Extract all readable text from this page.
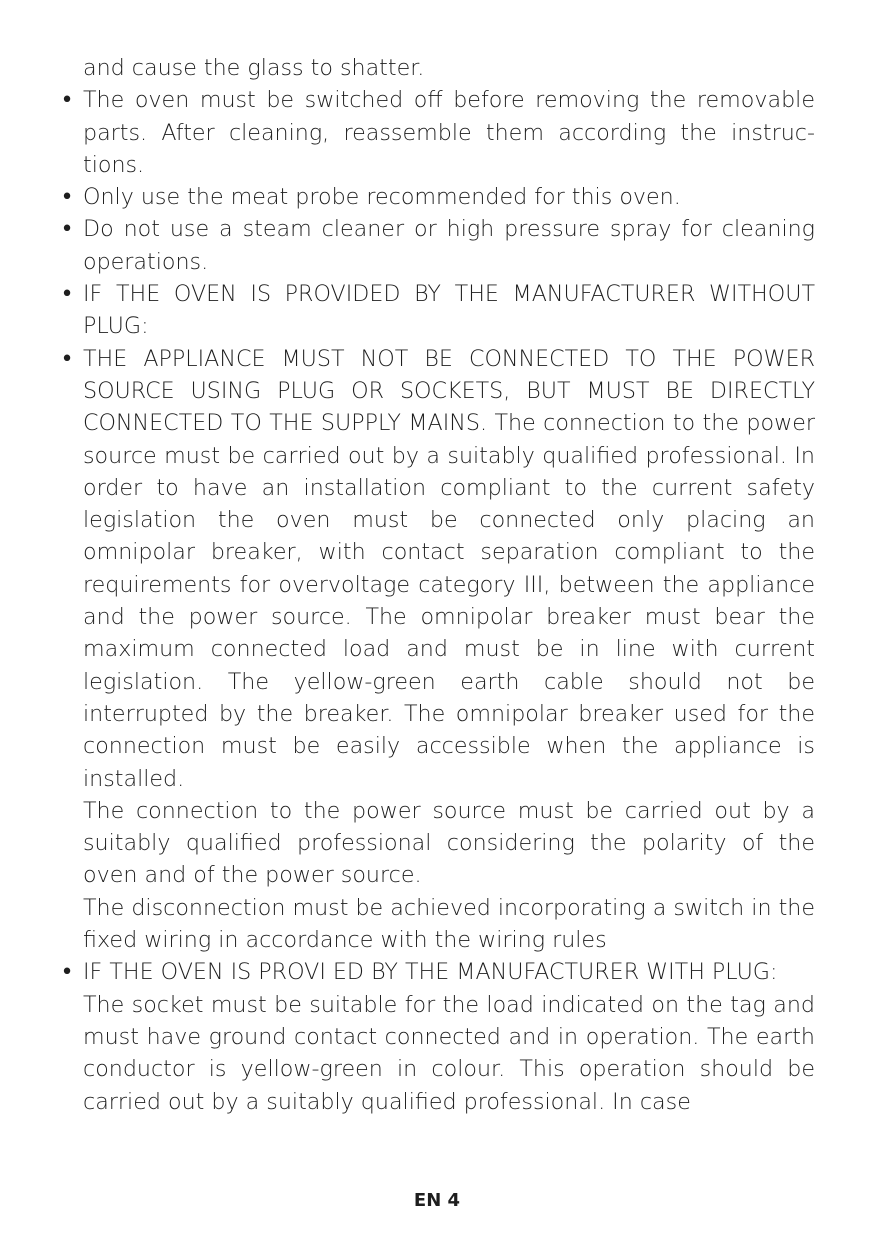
and cause the glass to shatter.

• The oven must be switched off before removing the removable parts. After cleaning, reassemble them according the instructions.

• Only use the meat probe recommended for this oven.

• Do not use a steam cleaner or high pressure spray for cleaning operations.

• IF THE OVEN IS PROVIDED BY THE MANUFACTURER WITHOUT PLUG:

• THE APPLIANCE MUST NOT BE CONNECTED TO THE POWER SOURCE USING PLUG OR SOCKETS, BUT MUST BE DIRECTLY CONNECTED TO THE SUPPLY MAINS. The connection to the power source must be carried out by a suitably qualified professional. In order to have an installation compliant to the current safety legislation the oven must be connected only placing an omnipolar breaker, with contact separation compliant to the requirements for overvoltage category III, between the appliance and the power source. The omnipolar breaker must bear the maximum connected load and must be in line with current legislation. The yellow-green earth cable should not be interrupted by the breaker. The omnipolar breaker used for the connection must be easily accessible when the appliance is installed.

The connection to the power source must be carried out by a suitably qualified professional considering the polarity of the oven and of the power source.

The disconnection must be achieved incorporating a switch in the fixed wiring in accordance with the wiring rules

• IF THE OVEN IS PROVI ED BY THE MANUFACTURER WITH PLUG:

The socket must be suitable for the load indicated on the tag and must have ground contact connected and in operation. The earth conductor is yellow-green in colour. This operation should be carried out by a suitably qualified professional. In case

EN 4
